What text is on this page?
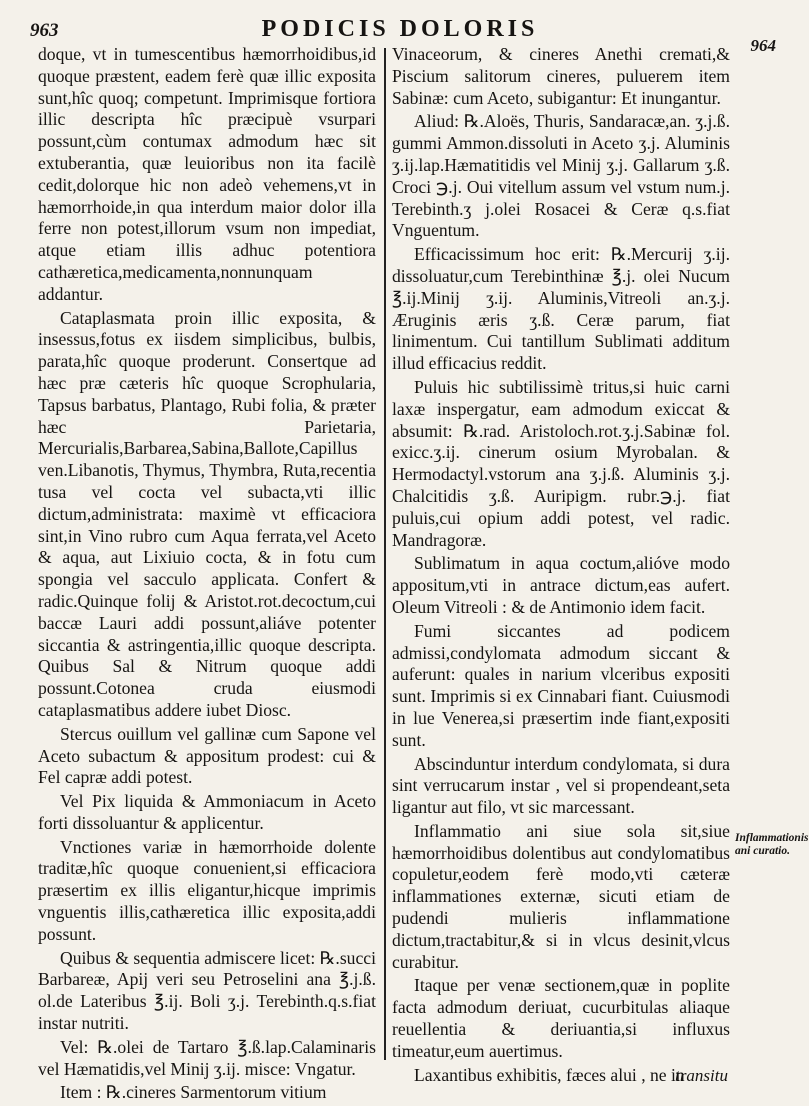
963	PODICIS DOLORIS
964

doque, vt in tumescentibus hæmorrhoidibus,id quoque præstent, eadem ferè quæ illic exposita sunt,hîc quoq; competunt. Imprimisque fortiora illic descripta hîc præcipuè vsurpari possunt,cùm contumax admodum hæc sit extuberantia, quæ leuioribus non ita facilè cedit,dolorque hic non adeò vehemens,vt in hæmorrhoide,in qua interdum maior dolor illa ferre non potest,illorum vsum non impediat, atque etiam illis adhuc potentiora cathæretica,medicamenta,nonnunquam addantur.

Cataplasmata proin illic exposita, & insessus,fotus ex iisdem simplicibus, bulbis, parata,hîc quoque proderunt. Consertque ad hæc præ cæteris hîc quoque Scrophularia, Tapsus barbatus, Plantago, Rubi folia, & præter hæc Parietaria, Mercurialis,Barbarea,Sabina,Ballote,Capillus ven.Libanotis, Thymus, Thymbra, Ruta,recentia tusa vel cocta vel subacta,vti illic dictum,administrata: maximè vt efficaciora sint,in Vino rubro cum Aqua ferrata,vel Aceto & aqua, aut Lixiuio cocta, & in fotu cum spongia vel sacculo applicata. Confert & radic.Quinque folij & Aristot.rot.decoctum,cui baccæ Lauri addi possunt,aliáve potenter siccantia & astringentia,illic quoque descripta. Quibus Sal & Nitrum quoque addi possunt.Cotonea cruda eiusmodi cataplasmatibus addere iubet Diosc.

Stercus ouillum vel gallinæ cum Sapone vel Aceto subactum & appositum prodest: cui & Fel capræ addi potest.

Vel Pix liquida & Ammoniacum in Aceto forti dissoluantur & applicentur.

Vnctiones variæ in hæmorrhoide dolente traditæ,hîc quoque conuenient,si efficaciora præsertim ex illis eligantur,hicque imprimis vnguentis illis,cathæretica illic exposita,addi possunt.

Quibus & sequentia admiscere licet: ℞.succi Barbareæ, Apij veri seu Petroselini ana ℥.j.ß. ol.de Lateribus ℥.ij. Boli ʒ.j. Terebinth.q.s.fiat instar nutriti.

Vel: ℞.olei de Tartaro ℥.ß.lap.Calaminaris vel Hæmatidis,vel Minij ʒ.ij. misce: Vngatur.

Item : ℞.cineres Sarmentorum vitium

Vinaceorum, & cineres Anethi cremati,& Piscium salitorum cineres, puluerem item Sabinæ: cum Aceto, subigantur: Et inungantur.

Aliud: ℞.Aloës, Thuris, Sandaracæ,an. ʒ.j.ß. gummi Ammon.dissoluti in Aceto ʒ.j. Aluminis ʒ.ij.lap.Hæmatitidis vel Minij ʒ.j. Gallarum ʒ.ß. Croci ℈.j. Oui vitellum assum vel vstum num.j. Terebinth.ʒ j.olei Rosacei & Ceræ q.s.fiat Vnguentum.

Efficacissimum hoc erit: ℞.Mercurij ʒ.ij. dissoluatur,cum Terebinthinæ ℥.j. olei Nucum ℥.ij.Minij ʒ.ij. Aluminis,Vitreoli an.ʒ.j. Æruginis æris ʒ.ß. Ceræ parum, fiat linimentum. Cui tantillum Sublimati additum illud efficacius reddit.

Puluis hic subtilissimè tritus,si huic carni laxæ inspergatur, eam admodum exiccat & absumit: ℞.rad. Aristoloch.rot.ʒ.j.Sabinæ fol. exicc.ʒ.ij. cinerum osium Myrobalan. & Hermodactyl.vstorum ana ʒ.j.ß. Aluminis ʒ.j. Chalcitidis ʒ.ß. Auripigm. rubr.℈.j. fiat puluis,cui opium addi potest, vel radic. Mandragoræ.

Sublimatum in aqua coctum,alióve modo appositum,vti in antrace dictum,eas aufert. Oleum Vitreoli : & de Antimonio idem facit.

Fumi siccantes ad podicem admissi,condylomata admodum siccant & auferunt: quales in narium vlceribus expositi sunt. Imprimis si ex Cinnabari fiant. Cuiusmodi in lue Venerea,si præsertim inde fiant,expositi sunt.

Abscinduntur interdum condylomata, si dura sint verrucarum instar , vel si propendeant,seta ligantur aut filo, vt sic marcessant.

Inflammatio ani siue sola sit,siue hæmorrhoidibus dolentibus aut condylomatibus copuletur,eodem ferè modo,vti cæteræ inflammationes externæ, sicuti etiam de pudendi mulieris inflammatione dictum,tractabitur,& si in vlcus desinit,vlcus curabitur.

Itaque per venæ sectionem,quæ in poplite facta admodum deriuat, cucurbitulas aliaque reuellentia & deriuantia,si influxus timeatur,eum auertimus.

Laxantibus exhibitis, fæces alui , ne in

Inflammationis ani curatio.
transitu
